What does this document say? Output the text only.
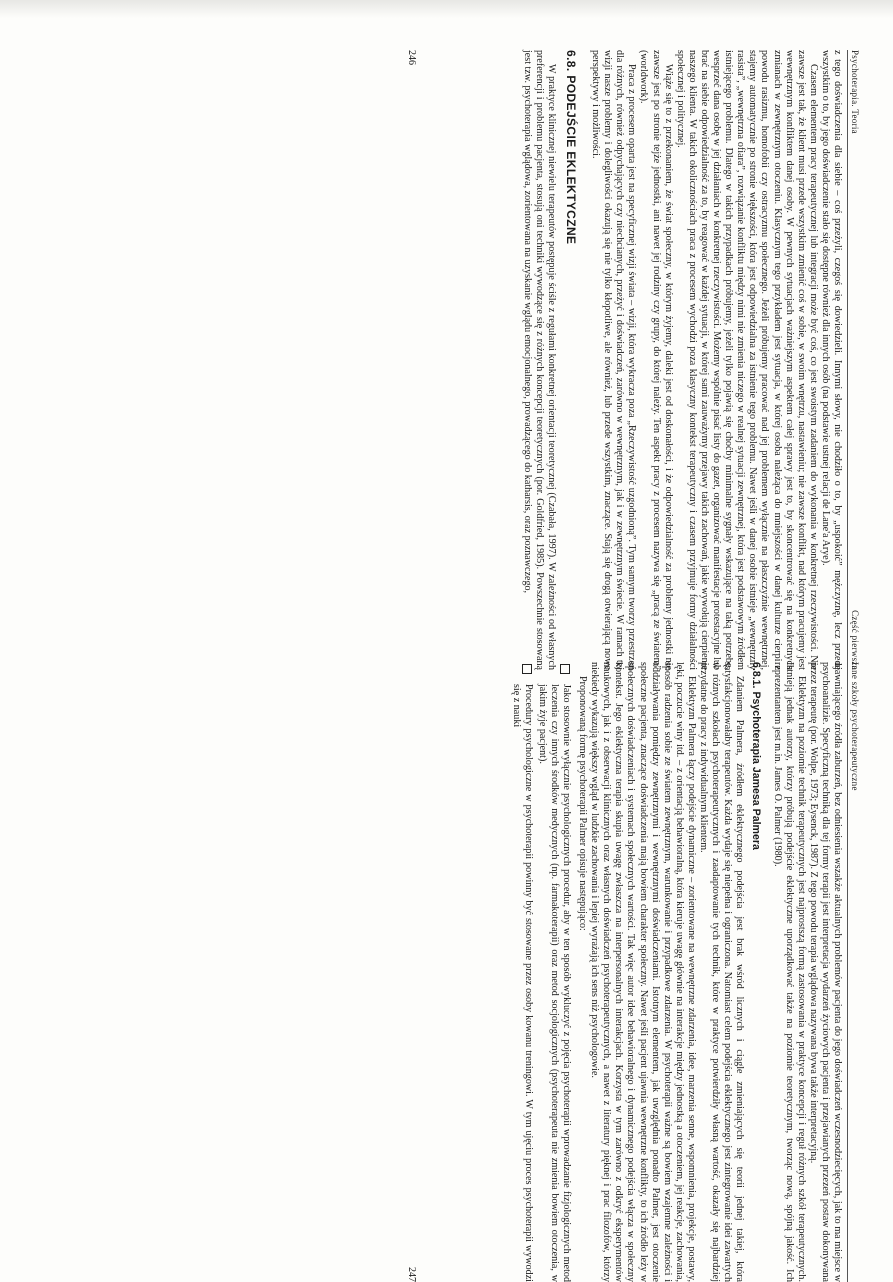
Psychoterapia. Teoria
Część pierwsza

z tego doświadczenia dla siebie – coś przeżyli, czegoś się dowiedzieli. Innymi słowy, nie chodziło o to, by „uspokoić” mężczyznę, lecz przede wszystkim o to, by jego doświadczenie stało się dostępne również dla innych osób (na podstawie ustnej relacji de Lane'a Arye).

Czasem elementem pracy terapeutycznej lub integracji może być coś, co jest swoistym zadaniem do wykonania w konkretnej rzeczywistości. Nie zawsze jest tak, że klient musi przede wszystkim zmienić coś w sobie, w swoim wnętrzu, nastawieniu; nie zawsze konflikt, nad którym pracujemy jest wewnętrznym konfliktem danej osoby. W pewnych sytuacjach ważniejszym aspektem całej sprawy jest to, by skoncentrować się na konkretnych zmianach w zewnętrznym otoczeniu. Klasycznym tego przykładem jest sytuacja, w której osoba należąca do mniejszości w danej kulturze cierpi z powodu rasizmu, homofobii czy ostracyzmu społecznego. Jeżeli próbujemy pracować nad jej problemem wyłącznie na płaszczyźnie wewnętrznej, stajemy automatycznie po stronie większości, która jest odpowiedzialna za istnienie tego problemu. Nawet jeśli w danej osobie istnieje „wewnętrzny rasista”, „wewnętrzna ofiara”, rozwiązanie konfliktu między nimi nie zmienia niczego w realnej sytuacji zewnętrznej, która jest podstawowym źródłem istniejącego problemu. Dlatego w takich przypadkach próbujemy, jeżeli tylko pojawią się choćby minimalne sygnały wskazujące na taką potrzebę, wesprzeć dana osobę w jej działaniach w konkretnej rzeczywistości. Możemy wspólnie pisać listy do gazet, organizować manifestacje protestacyjne lub brać na siebie odpowiedzialność za to, by reagować w każdej sytuacji, w której sami zauważymy przejawy takich zachowań, jakie wywołują cierpienie naszego klienta. W takich okolicznościach praca z procesem wychodzi poza klasyczny kontekst terapeutyczny i czasem przyjmuje formy działalności społecznej i politycznej.

Wiąże się to z przekonaniem, że świat społeczny, w którym żyjemy, daleki jest od doskonałości, i że odpowiedzialność za problemy jednostki nie zawsze jest po stronie tejże jednostki, ani nawet jej rodziny czy grupy, do której należy. Ten aspekt pracy z procesem nazywa się „pracą ze światem” (worldwork).

Praca z procesem oparta jest na specyficznej wizji świata – wizji, która wykracza poza „Rzeczywistość uzgodnioną”. Tym samym tworzy przestrzeń dla różnych, również odpychających czy niechcianych, przeżyć i doświadczeń, zarówno w wewnętrznym, jak i w zewnętrznym świecie. W ramach tej wizji nasze problemy i dolegliwości okazują się nie tylko kłopotliwe, ale również, lub przede wszystkim, znaczące. Stają się drogą otwierającą nowe perspektywy i możliwości.

6.8. PODEJŚCIE EKLEKTYCZNE

W praktyce klinicznej niewielu terapeutów postępuje ściśle z regułami konkretnej orientacji teoretycznej (Czabała, 1997). W zależności od własnych preferencji i problemu pacjenta, stosują oni techniki wywodzące się z różnych koncepcji teoretycznych (por. Goldfried, 1985). Powszechnie stosowaną jest tzw. psychoterapia wglądowa, zorientowana na uzyskanie wglądu emocjonalnego, prowadzącego do katharsis, oraz poznawczego,

246
Inne szkoły psychoterapeutyczne

ujawniającego źródła zaburzeń, bez odniesienia wszakże aktualnych problemów pacjenta do jego doświadczeń wczesnodziecięcych, jak to ma miejsce w psychoanalizie. Specyficzną techniką dla tej formy terapii jest interpretacja wydarzeń życiowych pacjenta i przejawianych przezeń postaw dokonywana przez terapeutę (por. Wolpe, 1973; Eysenck, 1987). Z tego powodu terapia wglądowa nazywana bywa także interpretacyjną.

Eklektyzm na poziomie technik terapeutycznych jest najprostszą formą zastosowania w praktyce koncepcji i reguł różnych szkół terapeutycznych. Istnieją jednak autorzy, którzy próbują podejście eklektyczne uporządkować także na poziomie teoretycznym, tworząc nową, spójną jakość. Ich reprezentantem jest m.in. James O. Palmer (1980).

6.8.1. Psychoterapia Jamesa Palmera

Zdaniem Palmera, źródłem eklektycznego podejścia jest brak wśród licznych i ciągle zmieniających się teorii jednej takiej, która satysfakcjonowałaby terapeutów. Każda wydaje się niepełna i ograniczona. Natomiast celem podejścia eklektycznego jest zintegrowanie idei zawartych w różnych szkołach psychoterapeutycznych i zaadaptowanie tych technik, które w praktyce potwierdziły własną wartość, okazały się najbardziej przydatne do pracy z indywidualnym klientem.

Eklektyzm Palmera łączy podejście dynamiczne – zorientowane na wewnętrzne zdarzenia, idee, marzenia senne, wspomnienia, projekcje, postawy, lęki, poczucie winy itd. – z orientacją behawioralną, która kieruje uwagę głównie na interakcje między jednostką a otoczeniem, jej reakcje, zachowania, sposób radzenia sobie ze światem zewnętrznym, warunkowanie i przypadkowe zdarzenia. W psychoterapii ważne są bowiem wzajemne zależności i oddziaływania pomiędzy zewnętrznymi i wewnętrznymi doświadczeniami. Istotnym elementem, jak uwzględnia ponadto Palmer, jest otoczenie społeczne pacjenta, znaczące doświadczenia mają bowiem charakter społeczny. Nawet jeśli pacjent ujawnia wewnętrzne konflikty, to ich źródło leży w społecznych doświadczeniach i systemach społecznych wartości. Tak więc autor idee behawioralnego i dynamicznego podejścia włącza w społeczny kontekst. Jego eklektyczna terapia skupia uwagę zwłaszcza na interpersonalnych interakcjach. Korzysta w tym zarówno z odkryć eksperymentów naukowych, jak i z obserwacji klinicznych oraz własnych doświadczeń psychoterapeutycznych, a nawet z literatury pięknej i prac filozofów, którzy niekiedy wykazują większy wgląd w ludzkie zachowania i lepiej wyrażają ich sens niż psychologowie.

Proponowaną formę psychoterapii Palmer opisuje następująco:

Jako stosownie wyłącznie psychologicznych procedur, aby w ten sposób wykluczyć z pojęcia psychoterapii wprowadzanie fizjologicznych metod leczenia czy innych środków medycznych (np. farmakoterapii) oraz metod socjologicznych (psychoterapeuta nie zmienia bowiem otoczenia, w jakim żyje pacjent).
Procedury psychologiczne w psychoterapii powinny być stosowane przez osoby kowanu treningowi. W tym ujęciu proces psychoterapii wywodzi się z nauki
247
